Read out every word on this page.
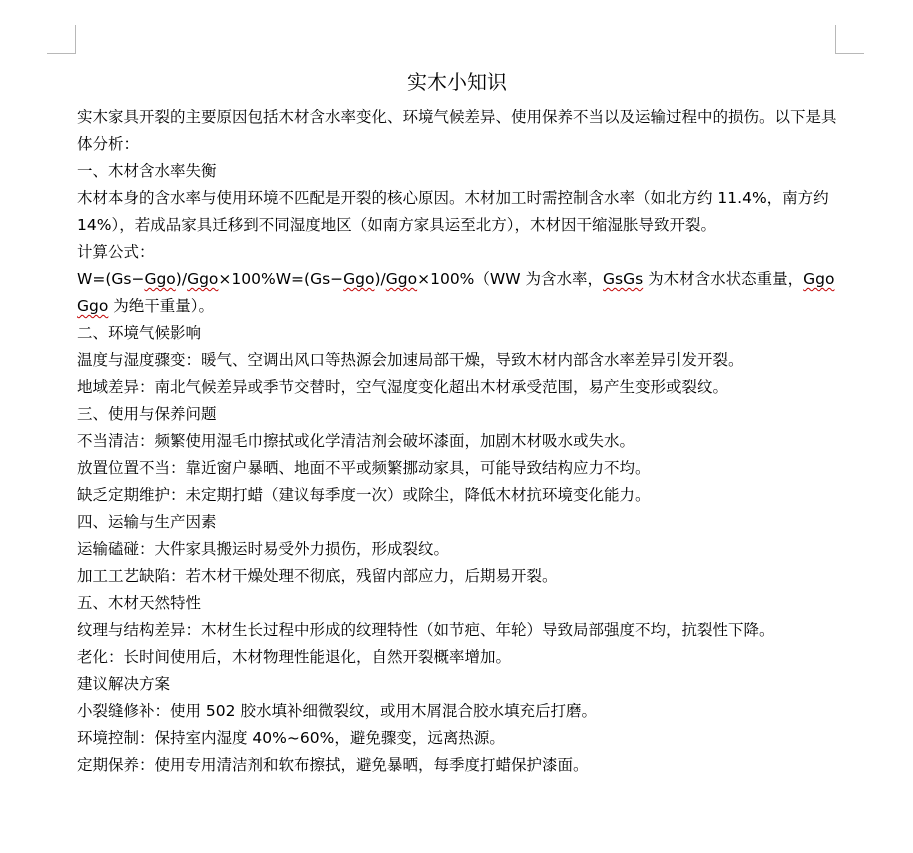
实木小知识

实木家具开裂的主要原因包括木材含水率变化、环境气候差异、使用保养不当以及运输过程中的损伤。以下是具体分析：

一、木材含水率失衡

木材本身的含水率与使用环境不匹配是开裂的核心原因。木材加工时需控制含水率（如北方约 11.4%，南方约 14%），若成品家具迁移到不同湿度地区（如南方家具运至北方），木材因干缩湿胀导致开裂。

计算公式：

W=(Gs−Ggo)/Ggo×100%W=(Gs−Ggo)/Ggo×100%（WW 为含水率，GsGs 为木材含水状态重量，GgoGgo 为绝干重量）。

二、环境气候影响

温度与湿度骤变：暖气、空调出风口等热源会加速局部干燥，导致木材内部含水率差异引发开裂。

地域差异：南北气候差异或季节交替时，空气湿度变化超出木材承受范围，易产生变形或裂纹。

三、使用与保养问题

不当清洁：频繁使用湿毛巾擦拭或化学清洁剂会破坏漆面，加剧木材吸水或失水。

放置位置不当：靠近窗户暴晒、地面不平或频繁挪动家具，可能导致结构应力不均。

缺乏定期维护：未定期打蜡（建议每季度一次）或除尘，降低木材抗环境变化能力。

四、运输与生产因素

运输磕碰：大件家具搬运时易受外力损伤，形成裂纹。

加工工艺缺陷：若木材干燥处理不彻底，残留内部应力，后期易开裂。

五、木材天然特性

纹理与结构差异：木材生长过程中形成的纹理特性（如节疤、年轮）导致局部强度不均，抗裂性下降。

老化：长时间使用后，木材物理性能退化，自然开裂概率增加。

建议解决方案

小裂缝修补：使用 502 胶水填补细微裂纹，或用木屑混合胶水填充后打磨。

环境控制：保持室内湿度 40%~60%，避免骤变，远离热源。

定期保养：使用专用清洁剂和软布擦拭，避免暴晒，每季度打蜡保护漆面。
